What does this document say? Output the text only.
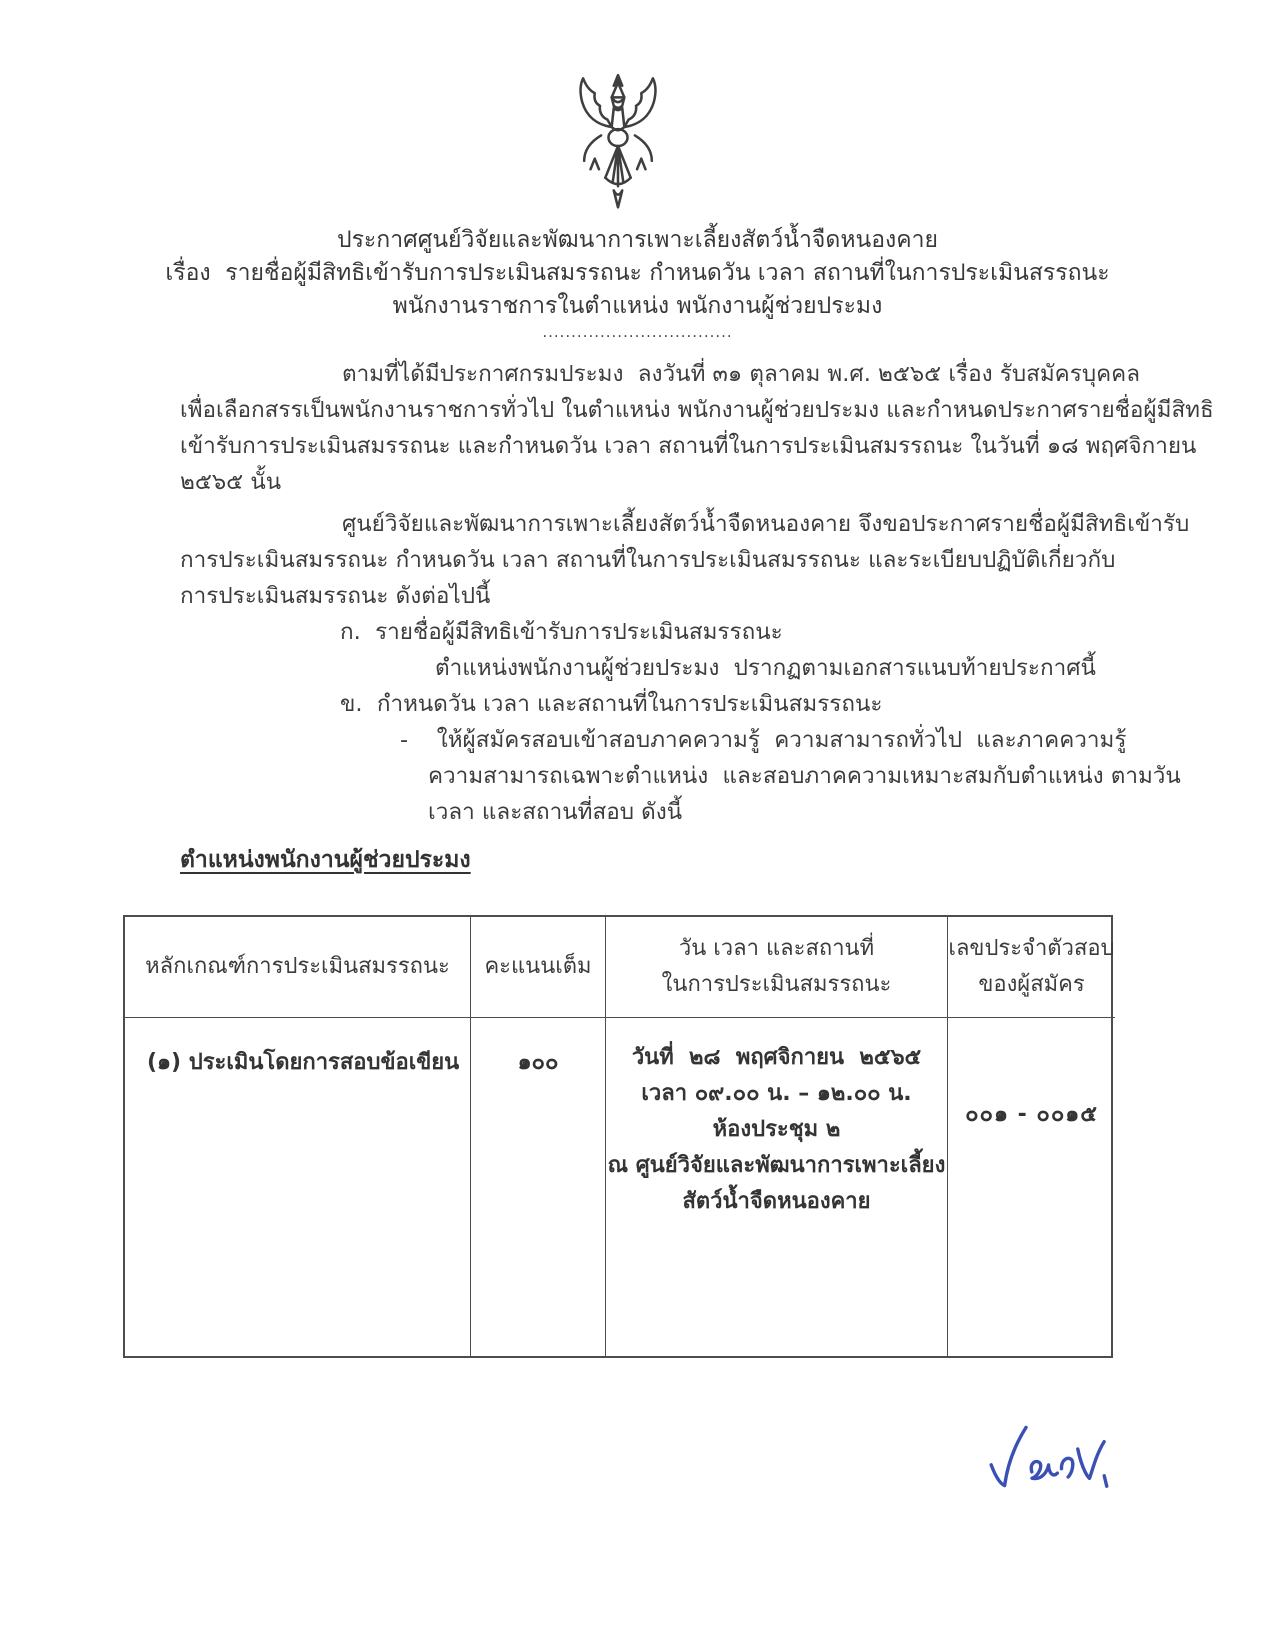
ประกาศศูนย์วิจัยและพัฒนาการเพาะเลี้ยงสัตว์น้ำจืดหนองคาย
เรื่อง  รายชื่อผู้มีสิทธิเข้ารับการประเมินสมรรถนะ กำหนดวัน เวลา สถานที่ในการประเมินสรรถนะ
พนักงานราชการในตำแหน่ง พนักงานผู้ช่วยประมง
.................................
ตามที่ได้มีประกาศกรมประมง  ลงวันที่ ๓๑ ตุลาคม พ.ศ. ๒๕๖๕ เรื่อง รับสมัครบุคคล
เพื่อเลือกสรรเป็นพนักงานราชการทั่วไป ในตำแหน่ง พนักงานผู้ช่วยประมง และกำหนดประกาศรายชื่อผู้มีสิทธิ
เข้ารับการประเมินสมรรถนะ และกำหนดวัน เวลา สถานที่ในการประเมินสมรรถนะ ในวันที่ ๑๘ พฤศจิกายน
๒๕๖๕ นั้น
ศูนย์วิจัยและพัฒนาการเพาะเลี้ยงสัตว์น้ำจืดหนองคาย จึงขอประกาศรายชื่อผู้มีสิทธิเข้ารับ
การประเมินสมรรถนะ กำหนดวัน เวลา สถานที่ในการประเมินสมรรถนะ และระเบียบปฏิบัติเกี่ยวกับ
การประเมินสมรรถนะ ดังต่อไปนี้
ก.  รายชื่อผู้มีสิทธิเข้ารับการประเมินสมรรถนะ
ตำแหน่งพนักงานผู้ช่วยประมง  ปรากฏตามเอกสารแนบท้ายประกาศนี้
ข.  กำหนดวัน เวลา และสถานที่ในการประเมินสมรรถนะ
-    ให้ผู้สมัครสอบเข้าสอบภาคความรู้  ความสามารถทั่วไป  และภาคความรู้
ความสามารถเฉพาะตำแหน่ง  และสอบภาคความเหมาะสมกับตำแหน่ง ตามวัน
เวลา และสถานที่สอบ ดังนี้
ตำแหน่งพนักงานผู้ช่วยประมง
หลักเกณฑ์การประเมินสมรรถนะ คะแนนเต็ม
วัน เวลา และสถานที่
ในการประเมินสมรรถนะ
เลขประจำตัวสอบ
ของผู้สมัคร
(๑) ประเมินโดยการสอบข้อเขียน	๑๐๐	วันที่  ๒๘  พฤศจิกายน  ๒๕๖๕
เวลา ๐๙.๐๐ น. – ๑๒.๐๐ น.
ห้องประชุม ๒
ณ ศูนย์วิจัยและพัฒนาการเพาะเลี้ยง
สัตว์น้ำจืดหนองคาย
๐๐๑ - ๐๐๑๕
